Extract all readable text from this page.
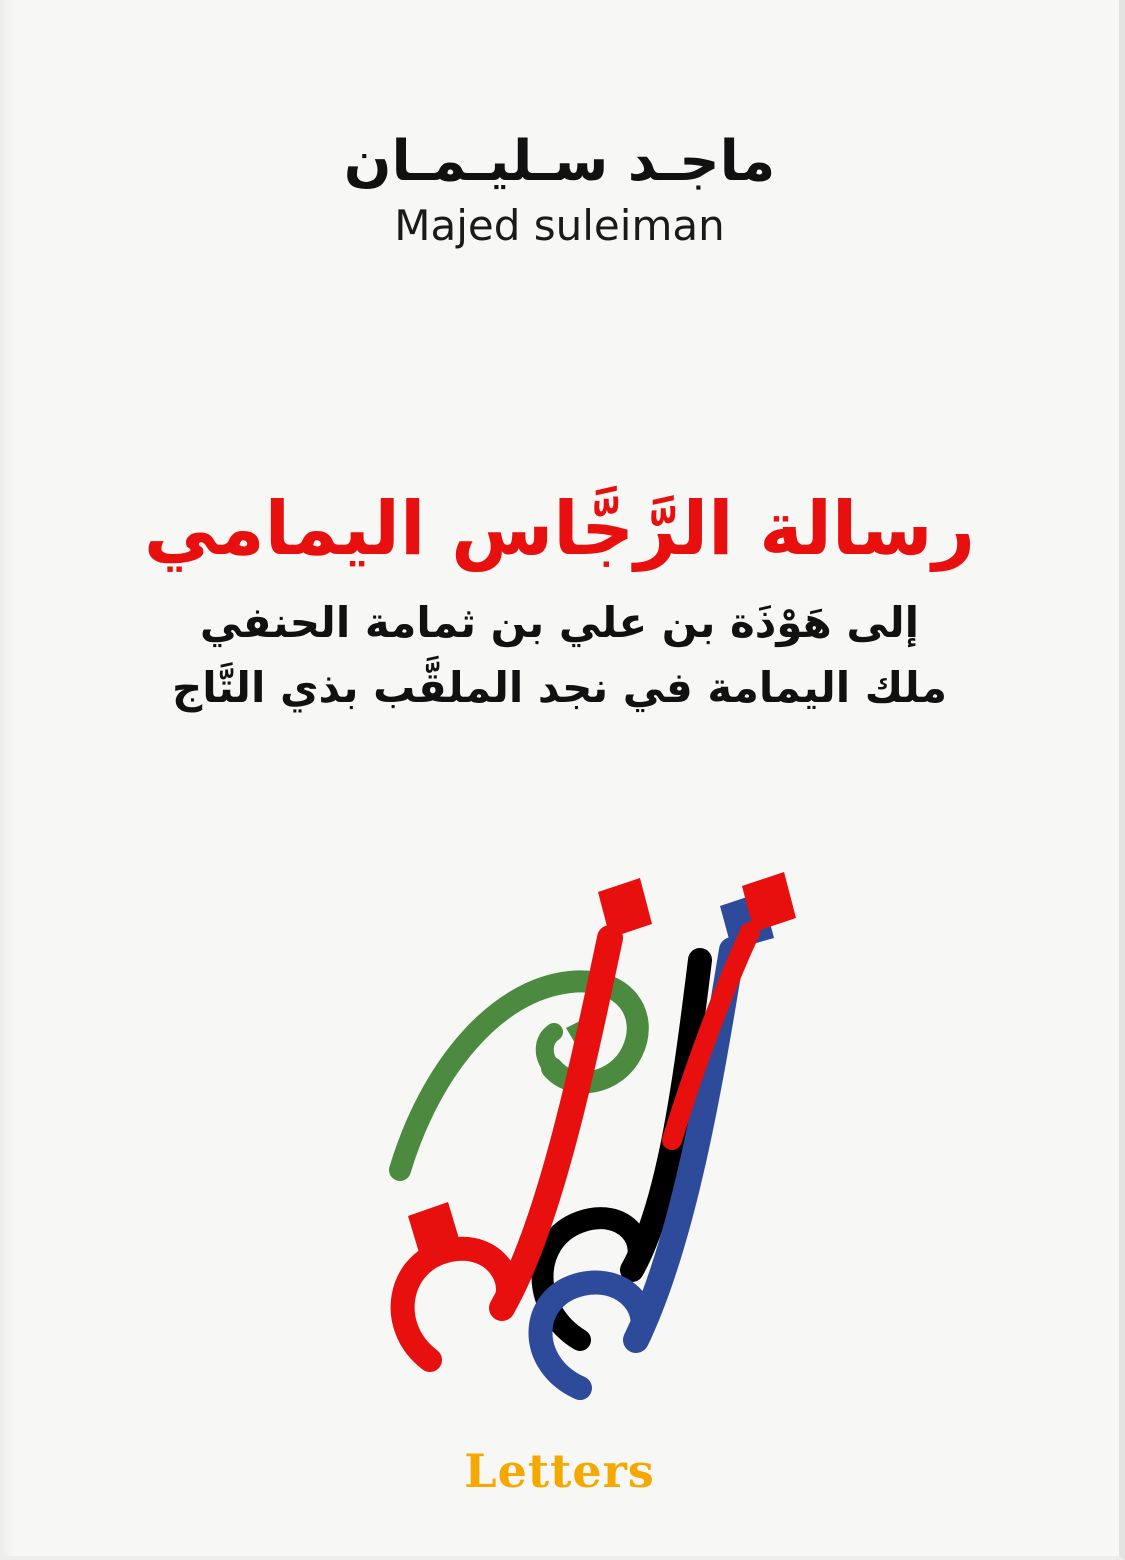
ماجـد سـليـمـان
Majed suleiman
رسالة الرَّجَّاس اليمامي
إلى هَوْذَة بن علي بن ثمامة الحنفي
ملك اليمامة في نجد الملقَّب بذي التَّاج
Letters
